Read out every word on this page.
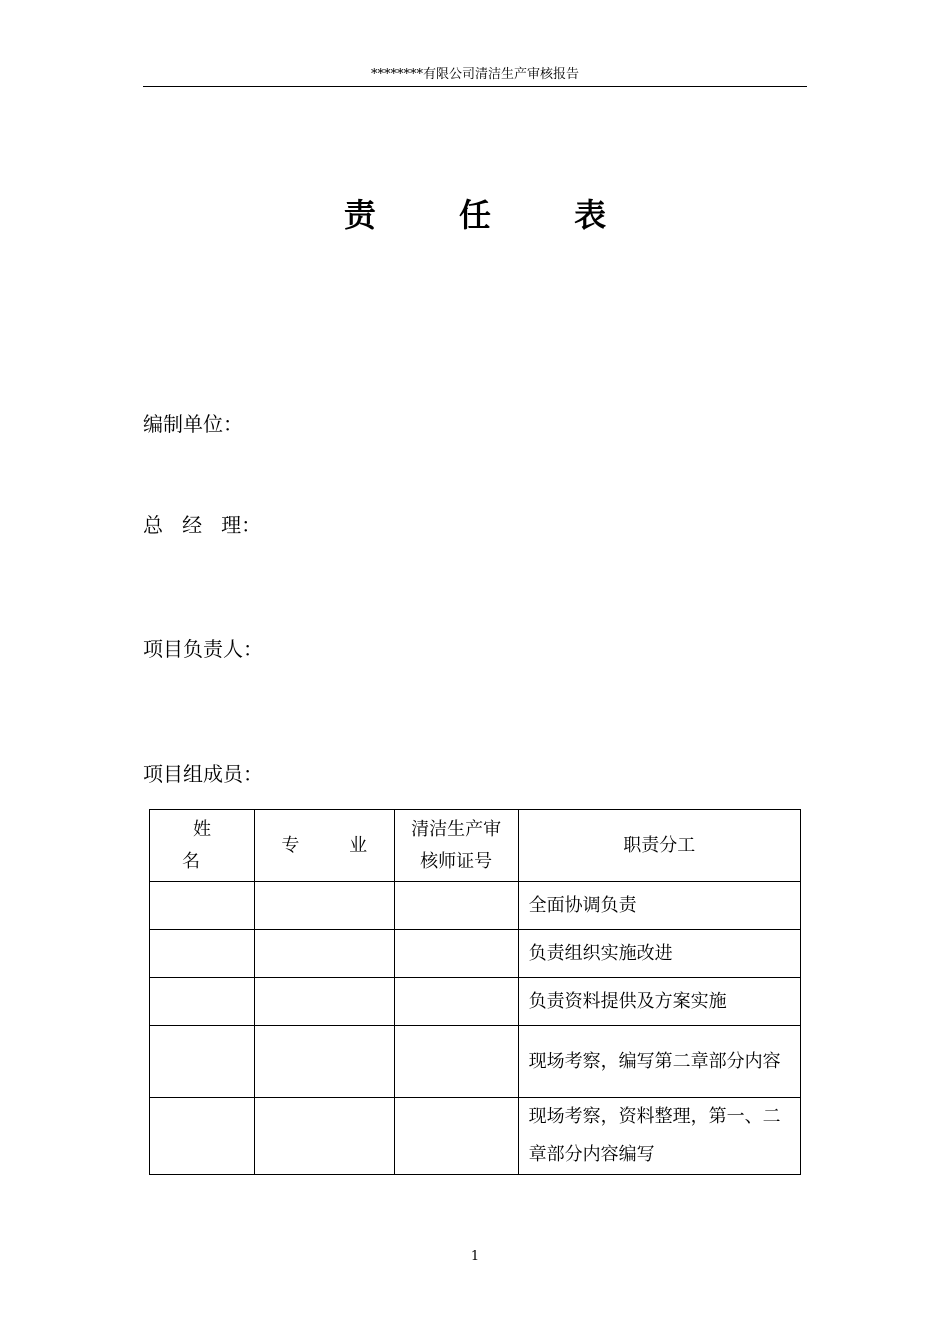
********有限公司清洁生产审核报告
责 任 表
编制单位：
总   经   理：
项目负责人：
项目组成员：
姓 名	专 业	清洁生产审核师证号	职责分工
			全面协调负责
			负责组织实施改进
			负责资料提供及方案实施
			现场考察，编写第二章部分内容
			现场考察，资料整理，第一、二章部分内容编写
1
